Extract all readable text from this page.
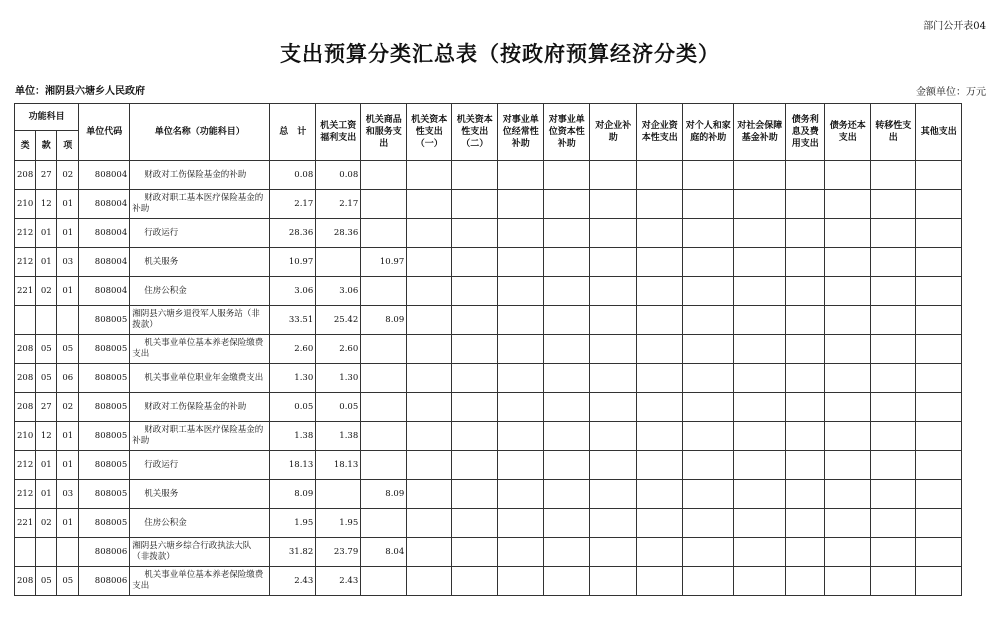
部门公开表04
支出预算分类汇总表（按政府预算经济分类）
单位：湘阴县六塘乡人民政府	金额单位：万元
功能科目			单位代码	单位名称（功能科目）	总　计	机关工资福利支出	机关商品和服务支出	机关资本性支出（一）	机关资本性支出（二）	对事业单位经常性补助	对事业单位资本性补助	对企业补助	对企业资本性支出	对个人和家庭的补助	对社会保障基金补助	债务利息及费用支出	债务还本支出	转移性支出	其他支出
类	款	项																	
208	27	02	808004	财政对工伤保险基金的补助	0.08	0.08													
210	12	01	808004	财政对职工基本医疗保险基金的补助	2.17	2.17													
212	01	01	808004	行政运行	28.36	28.36													
212	01	03	808004	机关服务	10.97		10.97												
221	02	01	808004	住房公积金	3.06	3.06													
			808005	湘阴县六塘乡退役军人服务站（非拨款）	33.51	25.42	8.09												
208	05	05	808005	机关事业单位基本养老保险缴费支出	2.60	2.60													
208	05	06	808005	机关事业单位职业年金缴费支出	1.30	1.30													
208	27	02	808005	财政对工伤保险基金的补助	0.05	0.05													
210	12	01	808005	财政对职工基本医疗保险基金的补助	1.38	1.38													
212	01	01	808005	行政运行	18.13	18.13													
212	01	03	808005	机关服务	8.09		8.09												
221	02	01	808005	住房公积金	1.95	1.95													
			808006	湘阴县六塘乡综合行政执法大队（非拨款）	31.82	23.79	8.04												
208	05	05	808006	机关事业单位基本养老保险缴费支出	2.43	2.43													
